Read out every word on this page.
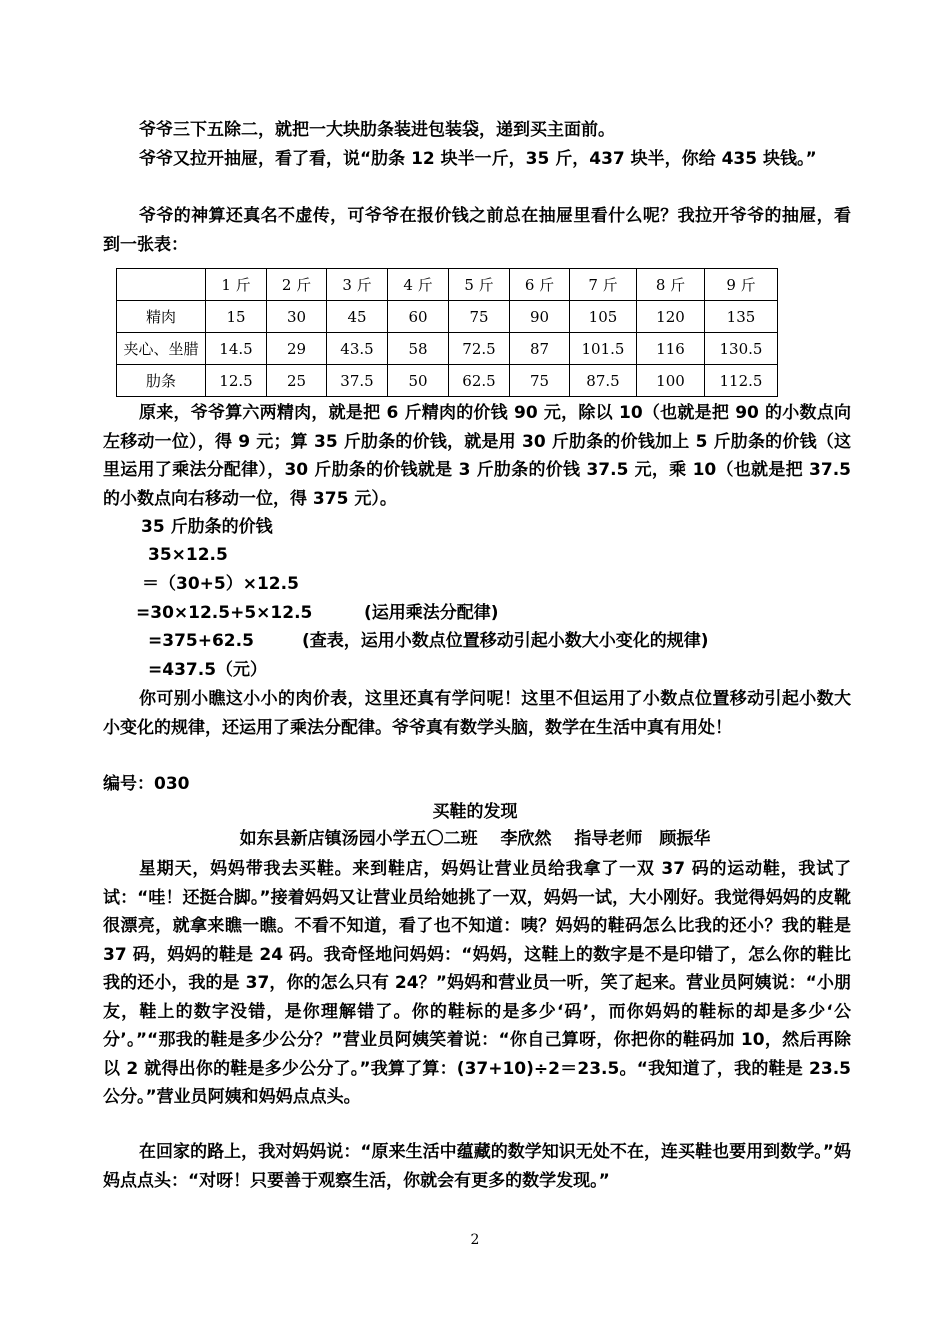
爷爷三下五除二，就把一大块肋条装进包装袋，递到买主面前。

爷爷又拉开抽屉，看了看，说“肋条 12 块半一斤，35 斤，437 块半，你给 435 块钱。”

爷爷的神算还真名不虚传，可爷爷在报价钱之前总在抽屉里看什么呢？我拉开爷爷的抽屉，看到一张表：

	1 斤	2 斤	3 斤	4 斤	5 斤	6 斤	7 斤	8 斤	9 斤
精肉	15	30	45	60	75	90	105	120	135
夹心、坐腊	14.5	29	43.5	58	72.5	87	101.5	116	130.5
肋条	12.5	25	37.5	50	62.5	75	87.5	100	112.5

原来，爷爷算六两精肉，就是把 6 斤精肉的价钱 90 元，除以 10（也就是把 90 的小数点向左移动一位），得 9 元；算 35 斤肋条的价钱，就是用 30 斤肋条的价钱加上 5 斤肋条的价钱（这里运用了乘法分配律），30 斤肋条的价钱就是 3 斤肋条的价钱 37.5 元，乘 10（也就是把 37.5 的小数点向右移动一位，得 375 元）。

35 斤肋条的价钱

35×12.5

＝（30+5）×12.5

=30×12.5+5×12.5	(运用乘法分配律)

=375+62.5	(查表，运用小数点位置移动引起小数大小变化的规律)

=437.5（元）

你可别小瞧这小小的肉价表，这里还真有学问呢！这里不但运用了小数点位置移动引起小数大小变化的规律，还运用了乘法分配律。爷爷真有数学头脑，数学在生活中真有用处！

编号：030

买鞋的发现

如东县新店镇汤园小学五〇二班　 李欣然　 指导老师　顾振华

星期天，妈妈带我去买鞋。来到鞋店，妈妈让营业员给我拿了一双 37 码的运动鞋，我试了试：“哇！还挺合脚。”接着妈妈又让营业员给她挑了一双，妈妈一试，大小刚好。我觉得妈妈的皮靴很漂亮，就拿来瞧一瞧。不看不知道，看了也不知道：咦？妈妈的鞋码怎么比我的还小？我的鞋是 37 码，妈妈的鞋是 24 码。我奇怪地问妈妈：“妈妈，这鞋上的数字是不是印错了，怎么你的鞋比我的还小，我的是 37，你的怎么只有 24？”妈妈和营业员一听，笑了起来。营业员阿姨说：“小朋友，鞋上的数字没错，是你理解错了。你的鞋标的是多少‘码’，而你妈妈的鞋标的却是多少‘公分’。”“那我的鞋是多少公分？”营业员阿姨笑着说：“你自己算呀，你把你的鞋码加 10，然后再除以 2 就得出你的鞋是多少公分了。”我算了算：(37+10)÷2＝23.5。“我知道了，我的鞋是 23.5 公分。”营业员阿姨和妈妈点点头。

在回家的路上，我对妈妈说：“原来生活中蕴藏的数学知识无处不在，连买鞋也要用到数学。”妈妈点点头：“对呀！只要善于观察生活，你就会有更多的数学发现。”

2
